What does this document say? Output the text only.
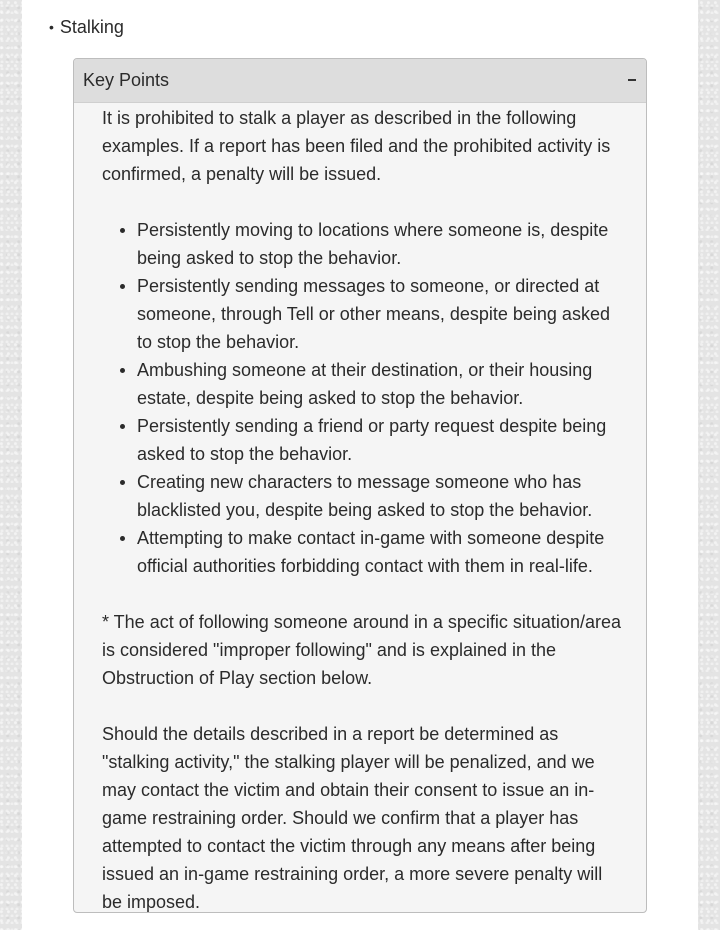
• Stalking
Key Points

It is prohibited to stalk a player as described in the following examples. If a report has been filed and the prohibited activity is confirmed, a penalty will be issued.

Persistently moving to locations where someone is, despite being asked to stop the behavior.
Persistently sending messages to someone, or directed at someone, through Tell or other means, despite being asked to stop the behavior.
Ambushing someone at their destination, or their housing estate, despite being asked to stop the behavior.
Persistently sending a friend or party request despite being asked to stop the behavior.
Creating new characters to message someone who has blacklisted you, despite being asked to stop the behavior.
Attempting to make contact in-game with someone despite official authorities forbidding contact with them in real-life.

* The act of following someone around in a specific situation/area is considered "improper following" and is explained in the Obstruction of Play section below.

Should the details described in a report be determined as "stalking activity," the stalking player will be penalized, and we may contact the victim and obtain their consent to issue an in-game restraining order. Should we confirm that a player has attempted to contact the victim through any means after being issued an in-game restraining order, a more severe penalty will be imposed.
